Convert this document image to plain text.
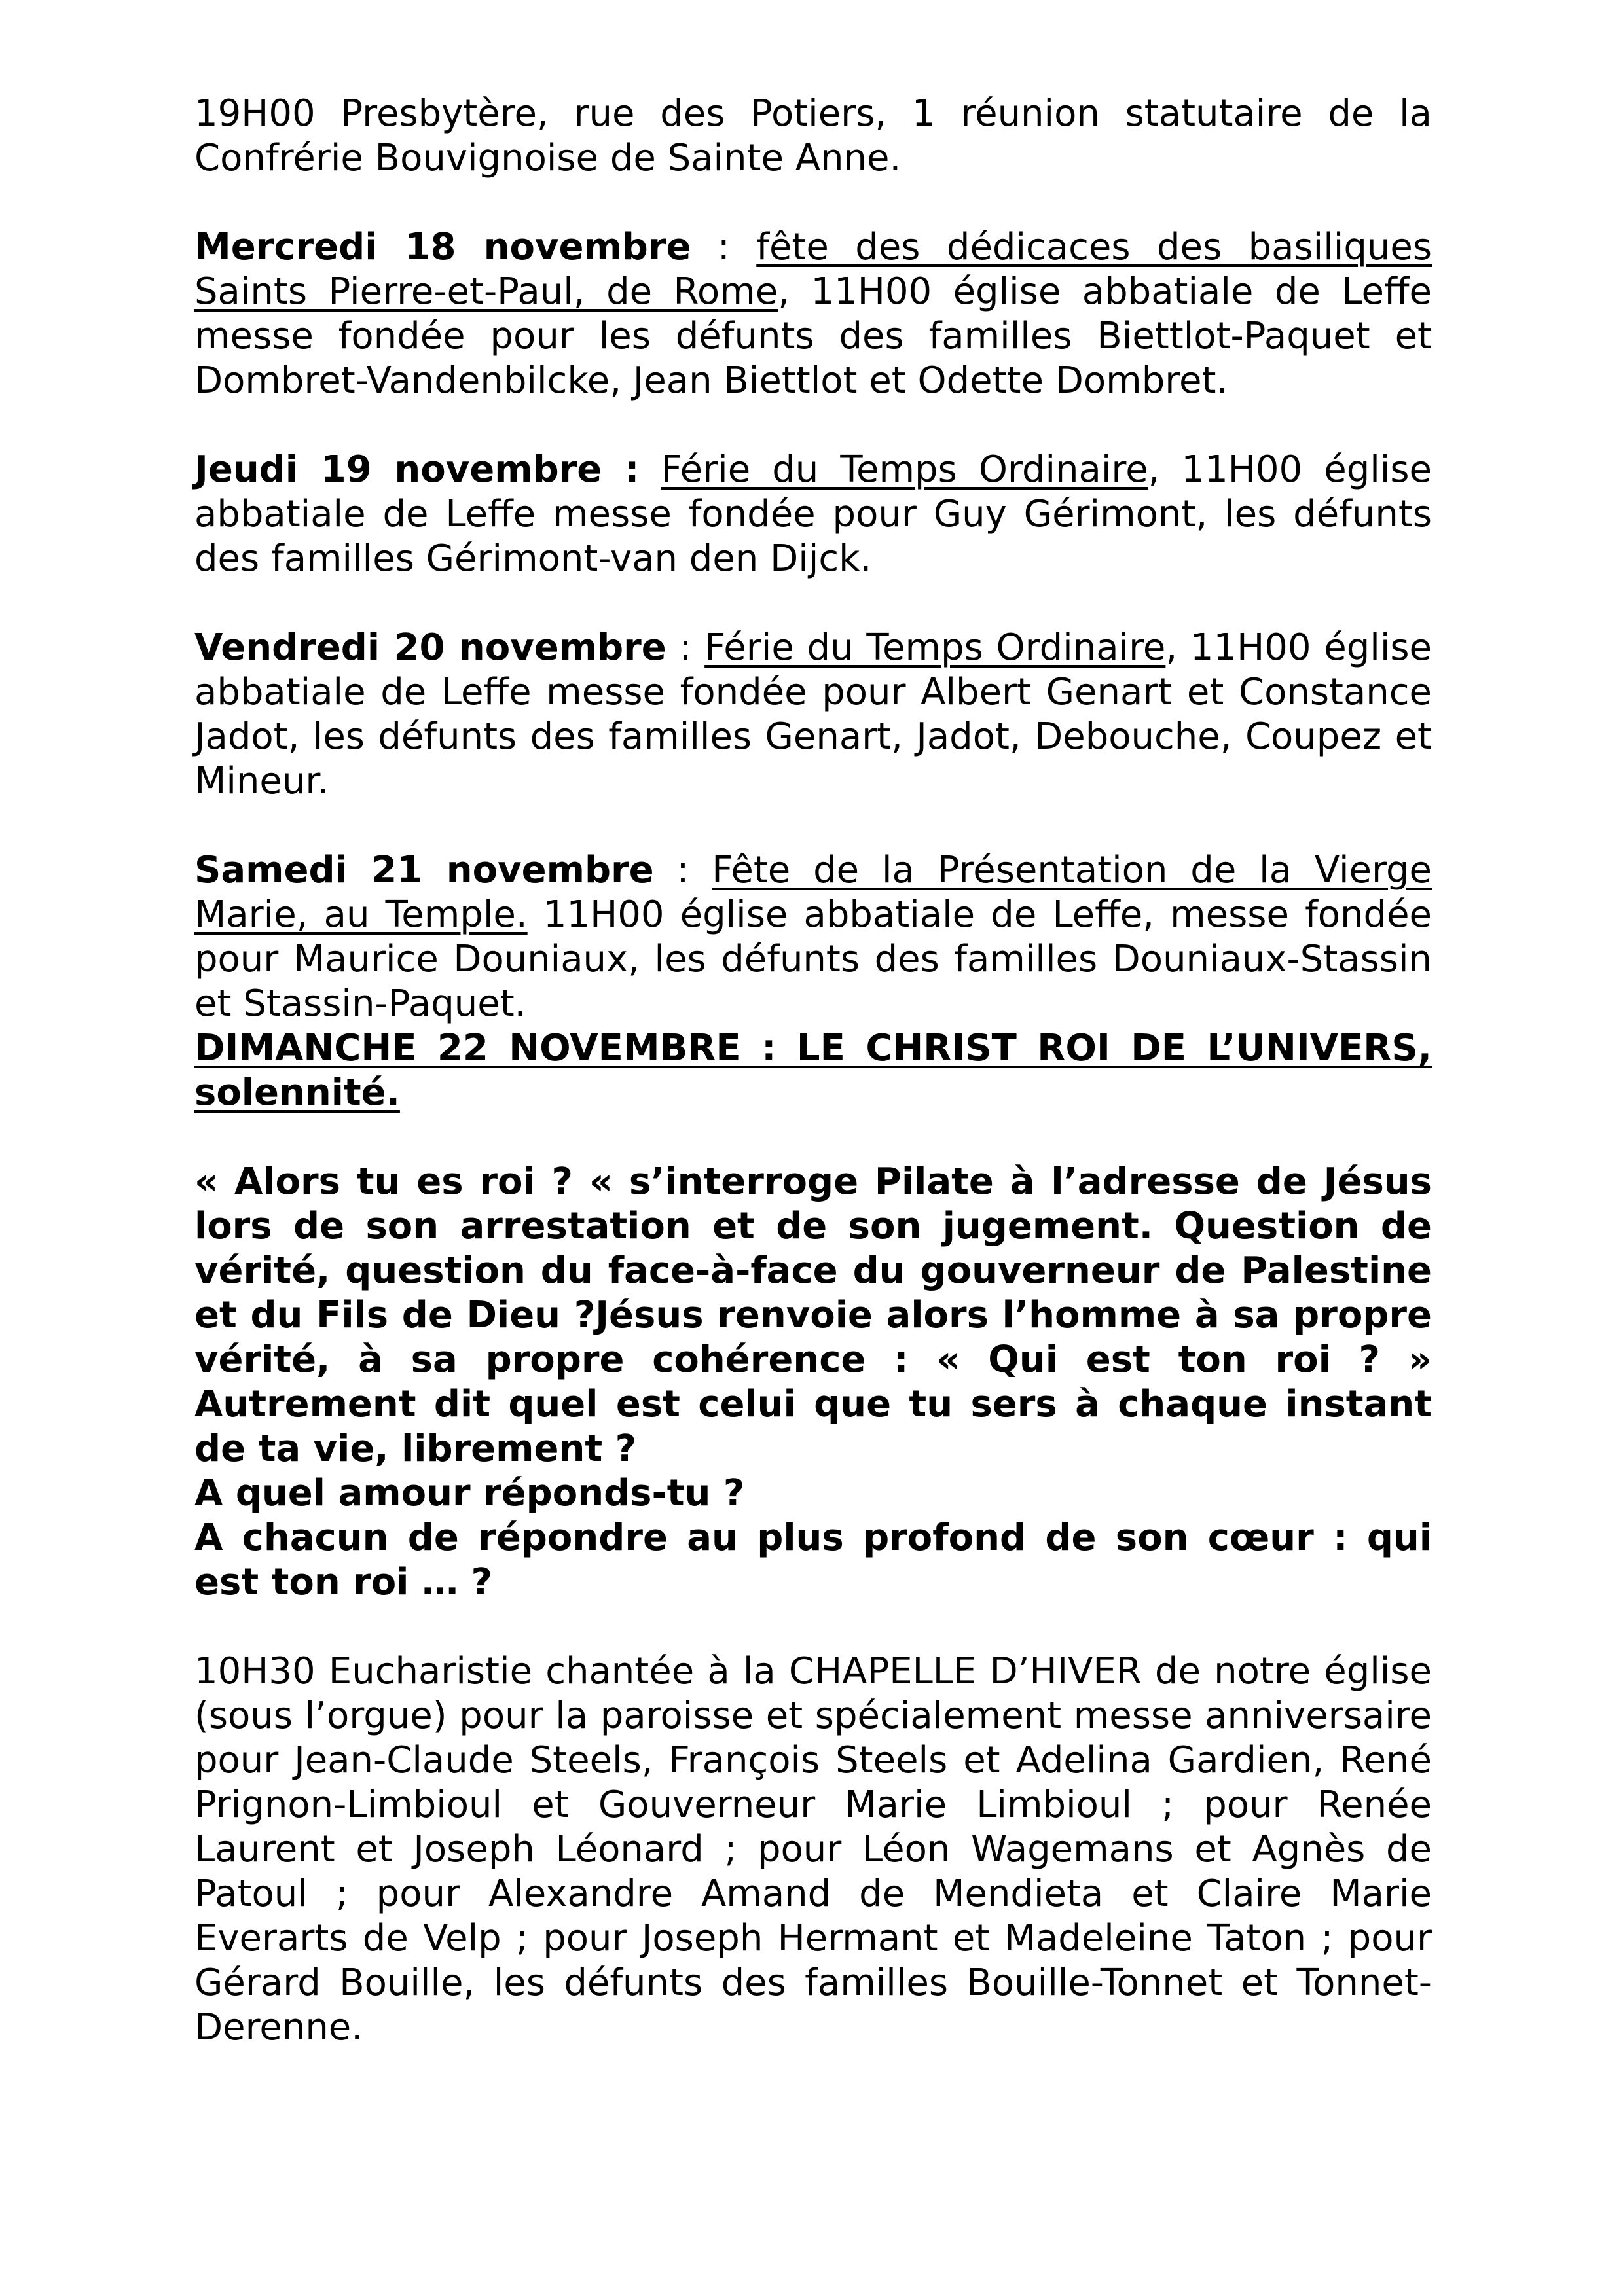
19H00 Presbytère, rue des Potiers, 1 réunion statutaire de la Confrérie Bouvignoise de Sainte Anne.

Mercredi 18 novembre : fête des dédicaces des basiliques Saints Pierre-et-Paul, de Rome, 11H00 église abbatiale de Leffe messe fondée pour les défunts des familles Biettlot-Paquet et Dombret-Vandenbilcke, Jean Biettlot et Odette Dombret.

Jeudi 19 novembre : Férie du Temps Ordinaire, 11H00 église abbatiale de Leffe messe fondée pour Guy Gérimont, les défunts des familles Gérimont-van den Dijck.

Vendredi 20 novembre : Férie du Temps Ordinaire, 11H00 église abbatiale de Leffe messe fondée pour Albert Genart et Constance Jadot, les défunts des familles Genart, Jadot, Debouche, Coupez et Mineur.

Samedi 21 novembre : Fête de la Présentation de la Vierge Marie, au Temple. 11H00 église abbatiale de Leffe, messe fondée pour Maurice Douniaux, les défunts des familles Douniaux-Stassin et Stassin-Paquet.

DIMANCHE 22 NOVEMBRE : LE CHRIST ROI DE L’UNIVERS, solennité.

« Alors tu es roi ? « s’interroge Pilate à l’adresse de Jésus lors de son arrestation et de son jugement. Question de vérité, question du face-à-face du gouverneur de Palestine et du Fils de Dieu ?Jésus renvoie alors l’homme à sa propre vérité, à sa propre cohérence : « Qui est ton roi ? » Autrement dit quel est celui que tu sers à chaque instant de ta vie, librement ?

A quel amour réponds-tu ?

A chacun de répondre au plus profond de son cœur : qui est ton roi … ?

10H30 Eucharistie chantée à la CHAPELLE D’HIVER de notre église (sous l’orgue) pour la paroisse et spécialement messe anniversaire pour Jean-Claude Steels, François Steels et Adelina Gardien, René Prignon-Limbioul et Gouverneur Marie Limbioul ; pour Renée Laurent et Joseph Léonard ; pour Léon Wagemans et Agnès de Patoul ; pour Alexandre Amand de Mendieta et Claire Marie Everarts de Velp ; pour Joseph Hermant et Madeleine Taton ; pour Gérard Bouille, les défunts des familles Bouille-Tonnet et Tonnet-Derenne.
